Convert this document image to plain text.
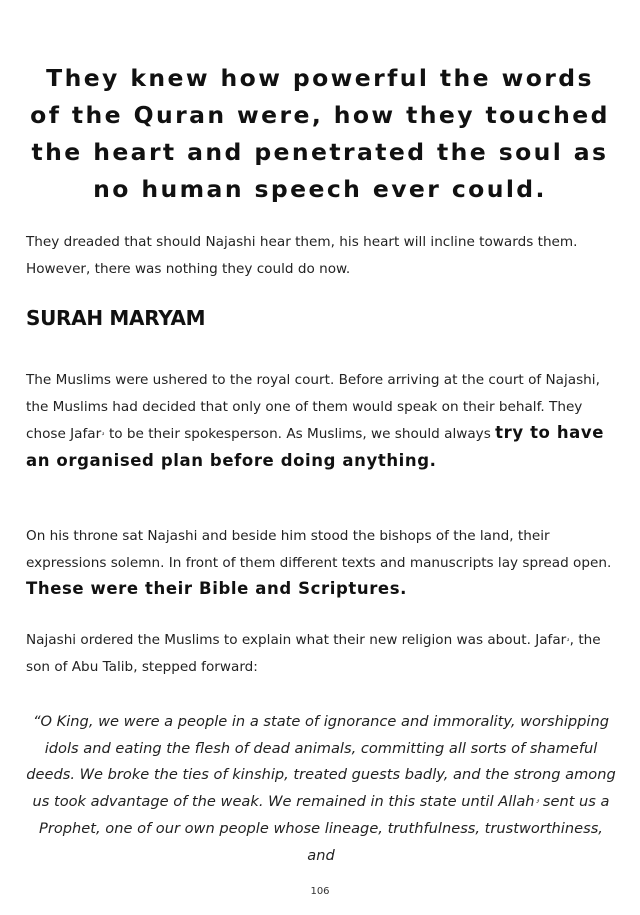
They knew how powerful the words of the Quran were, how they touched the heart and penetrated the soul as no human speech ever could.

They dreaded that should Najashi hear them, his heart will incline towards them. However, there was nothing they could do now.

SURAH MARYAM

The Muslims were ushered to the royal court. Before arriving at the court of Najashi, the Muslims had decided that only one of them would speak on their behalf. They chose Jafarۥ to be their spokesperson. As Muslims, we should always try to have an organised plan before doing anything.

On his throne sat Najashi and beside him stood the bishops of the land, their expressions solemn. In front of them different texts and manuscripts lay spread open. These were their Bible and Scriptures.

Najashi ordered the Muslims to explain what their new religion was about. Jafarۥ, the son of Abu Talib, stepped forward:

“O King, we were a people in a state of ignorance and immorality, worshipping idols and eating the flesh of dead animals, committing all sorts of shameful deeds. We broke the ties of kinship, treated guests badly, and the strong among us took advantage of the weak. We remained in this state until Allahۥ sent us a Prophet, one of our own people whose lineage, truthfulness, trustworthiness, and

106
